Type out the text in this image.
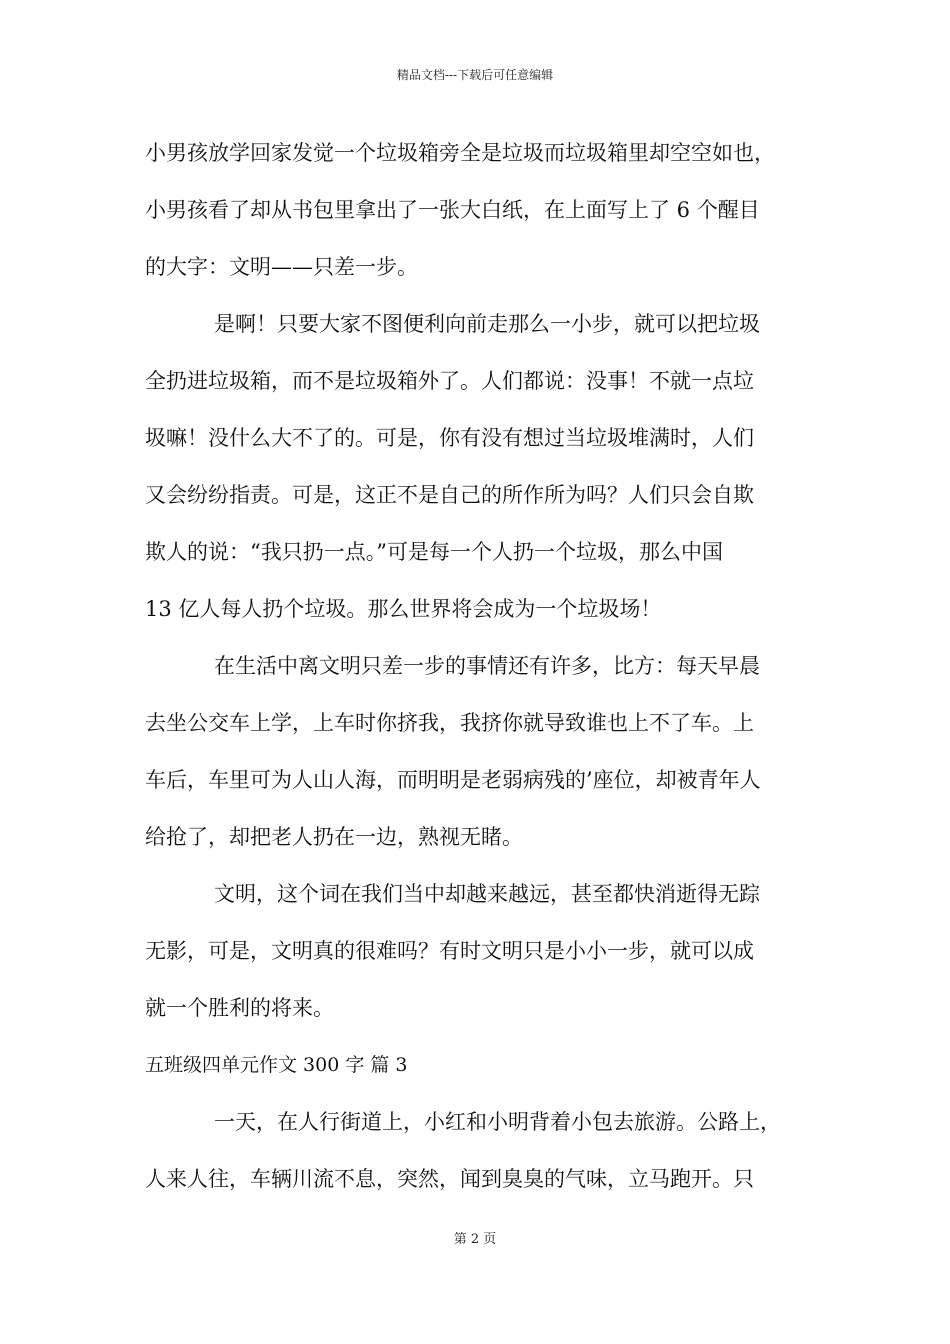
精品文档---下载后可任意编辑
小男孩放学回家发觉一个垃圾箱旁全是垃圾而垃圾箱里却空空如也，
小男孩看了却从书包里拿出了一张大白纸，在上面写上了 6 个醒目
的大字：文明——只差一步。
是啊！只要大家不图便利向前走那么一小步，就可以把垃圾
全扔进垃圾箱，而不是垃圾箱外了。人们都说：没事！不就一点垃
圾嘛！没什么大不了的。可是，你有没有想过当垃圾堆满时，人们
又会纷纷指责。可是，这正不是自己的所作所为吗？人们只会自欺
欺人的说：“我只扔一点。”可是每一个人扔一个垃圾，那么中国
13 亿人每人扔个垃圾。那么世界将会成为一个垃圾场！
在生活中离文明只差一步的事情还有许多，比方：每天早晨
去坐公交车上学，上车时你挤我，我挤你就导致谁也上不了车。上
车后，车里可为人山人海，而明明是老弱病残的’座位，却被青年人
给抢了，却把老人扔在一边，熟视无睹。
文明，这个词在我们当中却越来越远，甚至都快消逝得无踪
无影，可是，文明真的很难吗？有时文明只是小小一步，就可以成
就一个胜利的将来。
五班级四单元作文 300 字 篇 3
一天，在人行街道上，小红和小明背着小包去旅游。公路上，
人来人往，车辆川流不息，突然，闻到臭臭的气味，立马跑开。只
第 2 页
